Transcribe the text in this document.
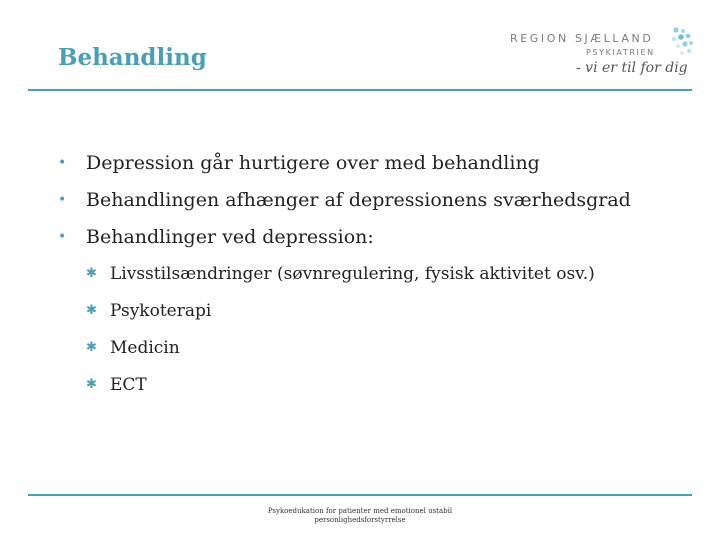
Behandling
REGION SJÆLLAND
PSYKIATRIEN
- vi er til for dig
• Depression går hurtigere over med behandling
• Behandlingen afhænger af depressionens sværhedsgrad
• Behandlinger ved depression:
✱ Livsstilsændringer (søvnregulering, fysisk aktivitet osv.)
✱ Psykoterapi
✱ Medicin
✱ ECT
Psykoedukation for patienter med emotionel ustabil
personlighedsforstyrrelse
